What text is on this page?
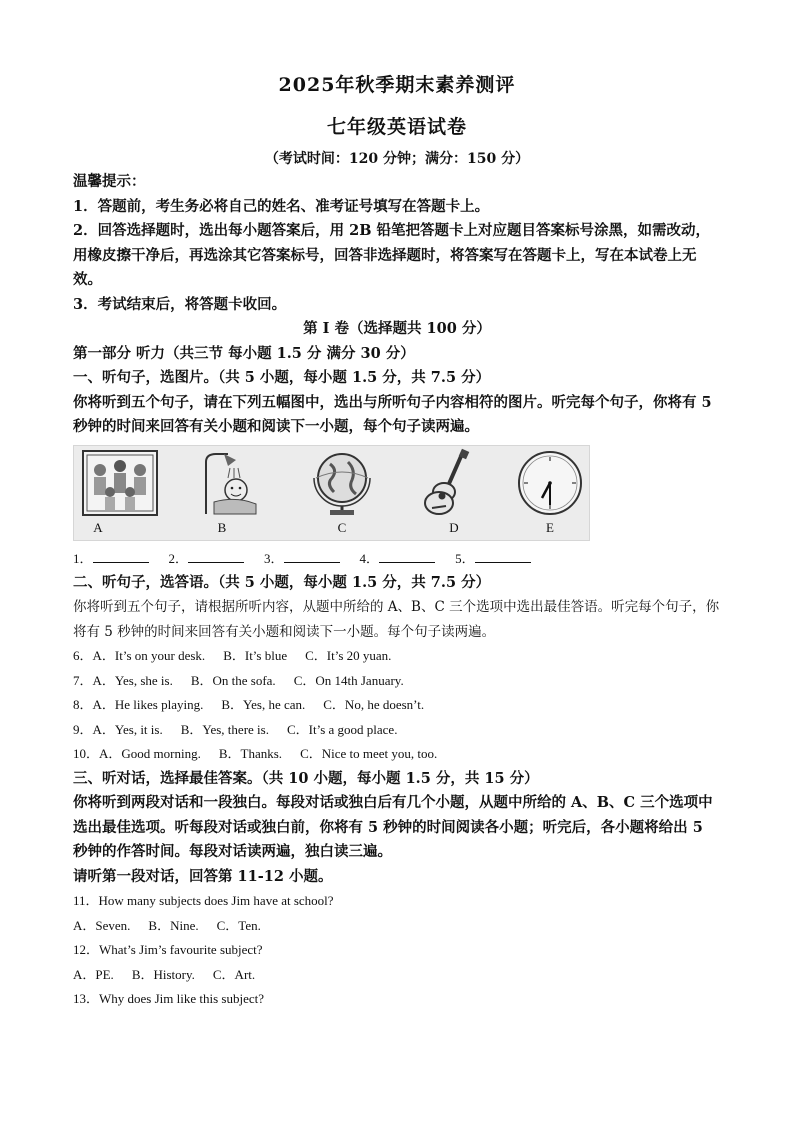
2025年秋季期末素养测评
七年级英语试卷
（考试时间：120 分钟；满分：150 分）

温馨提示：

1．答题前，考生务必将自己的姓名、准考证号填写在答题卡上。

2．回答选择题时，选出每小题答案后，用 2B 铅笔把答题卡上对应题目答案标号涂黑，如需改动，用橡皮擦干净后，再选涂其它答案标号，回答非选择题时，将答案写在答题卡上，写在本试卷上无效。

3．考试结束后，将答题卡收回。

第 I 卷（选择题共 100 分）

第一部分 听力（共三节 每小题 1.5 分 满分 30 分）

一、听句子，选图片。（共 5 小题，每小题 1.5 分，共 7.5 分）

你将听到五个句子，请在下列五幅图中，选出与所听句子内容相符的图片。听完每个句子，你将有 5 秒钟的时间来回答有关小题和阅读下一小题，每个句子读两遍。

A	B	C	D	E
1．	2．	3．	4．	5．

二、听句子，选答语。（共 5 小题，每小题 1.5 分，共 7.5 分）

你将听到五个句子，请根据所听内容，从题中所给的 A、B、C 三个选项中选出最佳答语。听完每个句子，你将有 5 秒钟的时间来回答有关小题和阅读下一小题。每个句子读两遍。

6．A．It’s on your desk. B．It’s blue C．It’s 20 yuan.

7．A．Yes, she is. B．On the sofa. C．On 14th January.

8．A．He likes playing. B．Yes, he can. C．No, he doesn’t.

9．A．Yes, it is. B．Yes, there is. C．It’s a good place.

10．A．Good morning. B．Thanks. C．Nice to meet you, too.

三、听对话，选择最佳答案。（共 10 小题，每小题 1.5 分，共 15 分）

你将听到两段对话和一段独白。每段对话或独白后有几个小题，从题中所给的 A、B、C 三个选项中选出最佳选项。听每段对话或独白前，你将有 5 秒钟的时间阅读各小题；听完后，各小题将给出 5 秒钟的作答时间。每段对话读两遍，独白读三遍。

请听第一段对话，回答第 11-12 小题。

11．How many subjects does Jim have at school?

A．Seven. B．Nine. C．Ten.

12．What’s Jim’s favourite subject?

A．PE. B．History. C．Art.

13．Why does Jim like this subject?
